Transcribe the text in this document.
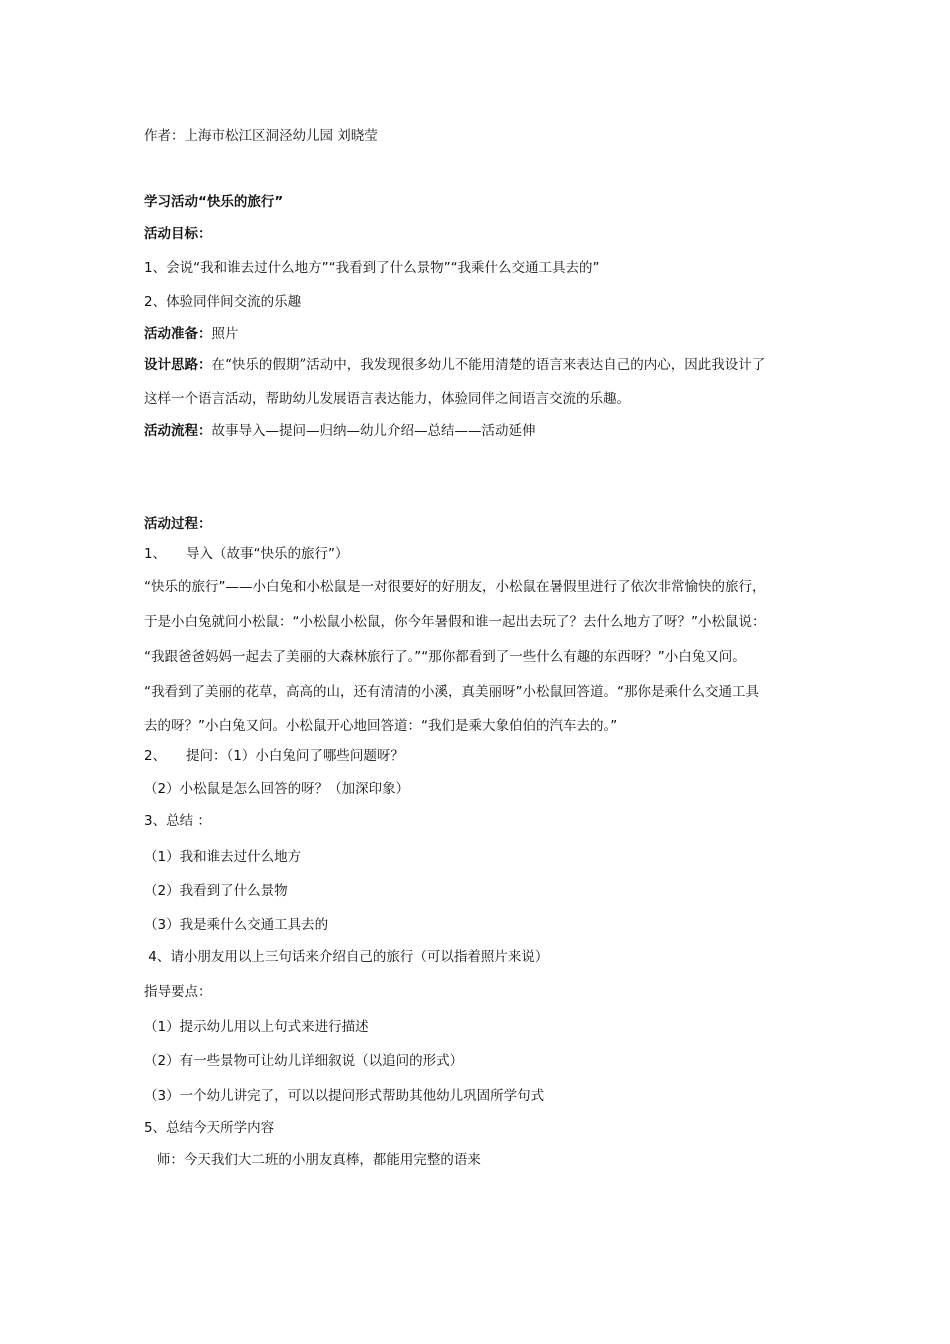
作者：上海市松江区洞泾幼儿园 刘晓莹
学习活动“快乐的旅行”
活动目标：
1、会说“我和谁去过什么地方”“我看到了什么景物”“我乘什么交通工具去的”
2、体验同伴间交流的乐趣
活动准备：照片
设计思路：在“快乐的假期”活动中，我发现很多幼儿不能用清楚的语言来表达自己的内心，因此我设计了
这样一个语言活动，帮助幼儿发展语言表达能力，体验同伴之间语言交流的乐趣。
活动流程：故事导入—提问—归纳—幼儿介绍—总结——活动延伸
活动过程：
1、 导入（故事“快乐的旅行”）
“快乐的旅行”——小白兔和小松鼠是一对很要好的好朋友，小松鼠在暑假里进行了依次非常愉快的旅行，
于是小白兔就问小松鼠：“小松鼠小松鼠，你今年暑假和谁一起出去玩了？去什么地方了呀？”小松鼠说：
“我跟爸爸妈妈一起去了美丽的大森林旅行了。”“那你都看到了一些什么有趣的东西呀？”小白兔又问。
“我看到了美丽的花草，高高的山，还有清清的小溪，真美丽呀”小松鼠回答道。“那你是乘什么交通工具
去的呀？”小白兔又问。小松鼠开心地回答道：“我们是乘大象伯伯的汽车去的。”
2、 提问：（1）小白兔问了哪些问题呀？
（2）小松鼠是怎么回答的呀？（加深印象）
3、总结 ：
（1）我和谁去过什么地方
（2）我看到了什么景物
（3）我是乘什么交通工具去的
4、请小朋友用以上三句话来介绍自己的旅行（可以指着照片来说）
指导要点：
（1）提示幼儿用以上句式来进行描述
（2）有一些景物可让幼儿详细叙说（以追问的形式）
（3）一个幼儿讲完了，可以以提问形式帮助其他幼儿巩固所学句式
5、总结今天所学内容
师：今天我们大二班的小朋友真棒，都能用完整的语来
